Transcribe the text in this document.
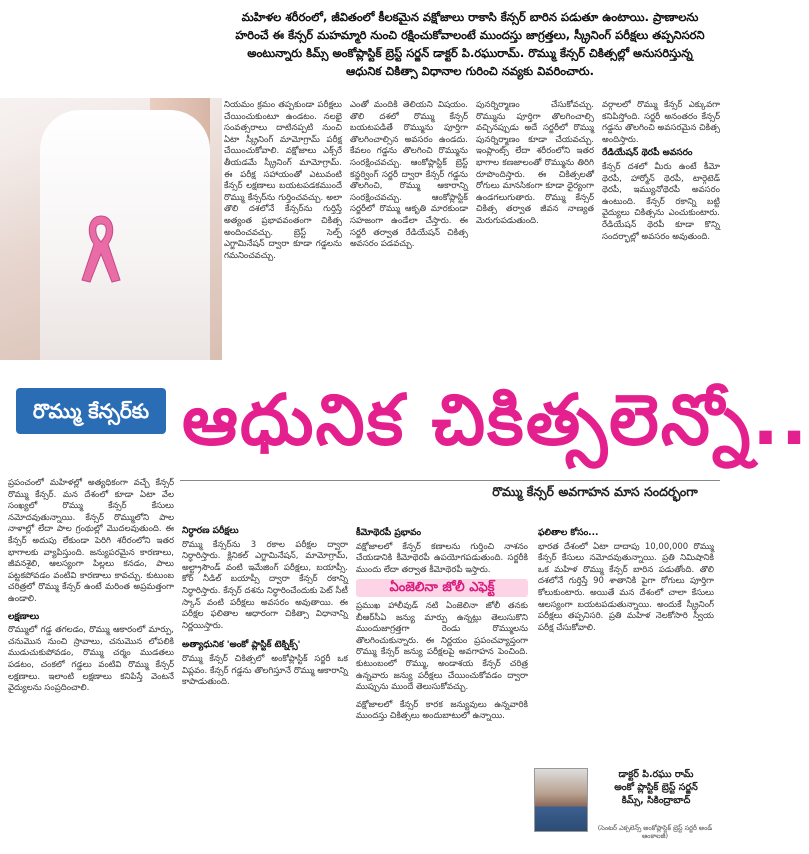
మహిళల శరీరంలో, జీవితంలో కీలకమైన వక్షోజాలు రాకాసి కేన్సర్ బారిన పడుతూ ఉంటాయి. ప్రాణాలను హరించే ఈ కేన్సర్ మహమ్మారి నుంచి రక్షించుకోవాలంటే ముందస్తు జాగ్రత్తలు, స్క్రీనింగ్ పరీక్షలు తప్పనిసరని అంటున్నారు కిమ్స్ అంకోప్లాస్టిక్ బ్రెస్ట్ సర్జన్ డాక్టర్ పి.రఘురామ్. రొమ్ము కేన్సర్ చికిత్సల్లో అనుసరిస్తున్న ఆధునిక చికిత్సా విధానాల గురించి నవ్యకు వివరించారు.
నియమం క్రమం తప్పకుండా పరీక్షలు చేయించుకుంటూ ఉండటం. నలభై సంవత్సరాలు దాటినప్పటి నుంచి ఏటా స్క్రీనింగ్ మామోగ్రామ్ పరీక్ష చేయించుకోవాలి. వక్షోజాలు ఎక్స్‌రే తీయడమే స్క్రీనింగ్ మామోగ్రామ్. ఈ పరీక్ష సహాయంతో ఎటువంటి కేన్సర్ లక్షణాలు బయటపడకముందే రొమ్ము కేన్సర్‌ను గుర్తించవచ్చు. అలా తొలి దశలోనే కేన్సర్‌ను గుర్తిస్తే అత్యంత ప్రభావవంతంగా చికిత్స అందించవచ్చు. బ్రెస్ట్ సెల్ఫ్ ఎగ్జామినేషన్ ద్వారా కూడా గడ్డలను గమనించవచ్చు.
ఎంతో మందికి తెలియని విషయం. తొలి దశలో రొమ్ము కేన్సర్ బయటపడితే రొమ్మును పూర్తిగా తొలగించాల్సిన అవసరం ఉండదు. కేవలం గడ్డను తొలగించి రొమ్మును సంరక్షించవచ్చు. ఆంకోప్లాస్టిక్ బ్రెస్ట్ కన్జర్వింగ్ సర్జరీ ద్వారా కేన్సర్ గడ్డను తొలగించి, రొమ్ము ఆకారాన్ని సంరక్షించవచ్చు. ఆంకోప్లాస్టిక్ సర్జరీలో రొమ్ము ఆకృతి మారకుండా సహజంగా ఉండేలా చేస్తారు. ఈ సర్జరీ తర్వాత రేడియేషన్ చికిత్స అవసరం పడవచ్చు.
పునర్నిర్మాణం చేసుకోవచ్చు. రొమ్మును పూర్తిగా తొలగించాల్సి వచ్చినప్పుడు అదే సర్జరీలో రొమ్ము పునర్నిర్మాణం కూడా చేయవచ్చు. ఇంప్లాంట్స్ లేదా శరీరంలోని ఇతర భాగాల కణజాలంతో రొమ్మును తిరిగి రూపొందిస్తారు. ఈ చికిత్సలతో రోగులు మానసికంగా కూడా ధైర్యంగా ఉండగలుగుతారు. రొమ్ము కేన్సర్ చికిత్స తర్వాత జీవన నాణ్యత మెరుగుపడుతుంది.
వర్గాలలో రొమ్ము కేన్సర్ ఎక్కువగా కనిపిస్తోంది. సర్జరీ అనంతరం కేన్సర్ గడ్డను తొలగించి అవసరమైన చికిత్స అందిస్తారు.
రేడియేషన్ థెరపీ అవసరం
కేన్సర్ దశలో మీరు ఉంటే కీమో థెరపీ, హార్మోన్ థెరపీ, టార్గెటెడ్ థెరపీ, ఇమ్యునోథెరపీ అవసరం ఉంటుంది. కేన్సర్ రకాన్ని బట్టి వైద్యులు చికిత్సను ఎంచుకుంటారు. రేడియేషన్ థెరపీ కూడా కొన్ని సందర్భాల్లో అవసరం అవుతుంది.
రొమ్ము కేన్సర్‌కు ఆధునిక చికిత్సలెన్నో..
రొమ్ము కేన్సర్ అవగాహన మాస సందర్భంగా
ప్రపంచంలో మహిళల్లో అత్యధికంగా వచ్చే కేన్సర్ రొమ్ము కేన్సర్. మన దేశంలో కూడా ఏటా వేల సంఖ్యలో రొమ్ము కేన్సర్ కేసులు నమోదవుతున్నాయి. కేన్సర్ రొమ్ములోని పాల నాళాల్లో లేదా పాల గ్రంథుల్లో మొదలవుతుంది. ఈ కేన్సర్ అదుపు లేకుండా పెరిగి శరీరంలోని ఇతర భాగాలకు వ్యాపిస్తుంది. జన్యుపరమైన కారణాలు, జీవనశైలి, ఆలస్యంగా పిల్లలు కనడం, పాలు పట్టకపోవడం వంటివి కారణాలు కావచ్చు. కుటుంబ చరిత్రలో రొమ్ము కేన్సర్ ఉంటే మరింత అప్రమత్తంగా ఉండాలి.
లక్షణాలు
రొమ్ములో గడ్డ తగలడం, రొమ్ము ఆకారంలో మార్పు, చనుమొన నుంచి స్రావాలు, చనుమొన లోపలికి ముడుచుకుపోవడం, రొమ్ము చర్మం ముడతలు పడటం, చంకలో గడ్డలు వంటివి రొమ్ము కేన్సర్ లక్షణాలు. ఇలాంటి లక్షణాలు కనిపిస్తే వెంటనే వైద్యులను సంప్రదించాలి.
నిర్ధారణ పరీక్షలు
రొమ్ము కేన్సర్‌ను 3 రకాల పరీక్షల ద్వారా నిర్ధారిస్తారు. క్లినికల్ ఎగ్జామినేషన్, మామోగ్రామ్, అల్ట్రాసౌండ్ వంటి ఇమేజింగ్ పరీక్షలు, బయాప్సీ. కోర్ నీడిల్ బయాప్సీ ద్వారా కేన్సర్ రకాన్ని నిర్ధారిస్తారు. కేన్సర్ దశను నిర్ధారించేందుకు పెట్ సీటీ స్కాన్ వంటి పరీక్షలు అవసరం అవుతాయి. ఈ పరీక్షల ఫలితాల ఆధారంగా చికిత్సా విధానాన్ని నిర్ణయిస్తారు.
అత్యాధునిక 'అంకో ప్లాస్టిక్ టెక్నిక్స్'
రొమ్ము కేన్సర్ చికిత్సలో అంకోప్లాస్టిక్ సర్జరీ ఒక విప్లవం. కేన్సర్ గడ్డను తొలగిస్తూనే రొమ్ము ఆకారాన్ని కాపాడుతుంది.
కీమోథెరపీ ప్రభావం
వక్షోజాలలో కేన్సర్ కణాలను గుర్తించి నాశనం చేయడానికి కీమోథెరపీ ఉపయోగపడుతుంది. సర్జరీకి ముందు లేదా తర్వాత కీమోథెరపీ ఇస్తారు.
ఏంజెలినా జోలీ ఎఫెక్ట్
ప్రముఖ హాలీవుడ్ నటి ఏంజెలినా జోలీ తనకు బీఆర్‌సీఏ జన్యు మార్పు ఉన్నట్లు తెలుసుకొని ముందుజాగ్రత్తగా రెండు రొమ్ములను తొలగించుకున్నారు. ఈ నిర్ణయం ప్రపంచవ్యాప్తంగా రొమ్ము కేన్సర్ జన్యు పరీక్షలపై అవగాహన పెంచింది. కుటుంబంలో రొమ్ము, అండాశయ కేన్సర్ చరిత్ర ఉన్నవారు జన్యు పరీక్షలు చేయించుకోవడం ద్వారా ముప్పును ముందే తెలుసుకోవచ్చు.
వక్షోజాలలో కేన్సర్ కారక జన్యువులు ఉన్నవారికి ముందస్తు చికిత్సలు అందుబాటులో ఉన్నాయి.
ఫలితాల కోసం...
భారత దేశంలో ఏటా దాదాపు 10,00,000 రొమ్ము కేన్సర్ కేసులు నమోదవుతున్నాయి. ప్రతి నిమిషానికి ఒక మహిళ రొమ్ము కేన్సర్ బారిన పడుతోంది. తొలి దశలోనే గుర్తిస్తే 90 శాతానికి పైగా రోగులు పూర్తిగా కోలుకుంటారు. అయితే మన దేశంలో చాలా కేసులు ఆలస్యంగా బయటపడుతున్నాయి. అందుకే స్క్రీనింగ్ పరీక్షలు తప్పనిసరి. ప్రతి మహిళ నెలకోసారి స్వీయ పరీక్ష చేసుకోవాలి.
డాక్టర్ పి.రఘు రామ్
అంకో ప్లాస్టిక్ బ్రెస్ట్ సర్జన్
కిమ్స్, సికింద్రాబాద్
(సెంటర్ ఎక్సలెన్స్ అంకోప్లాస్టిక్ బ్రెస్ట్ సర్జరీ అండ్ ఆంకాలజీ)
